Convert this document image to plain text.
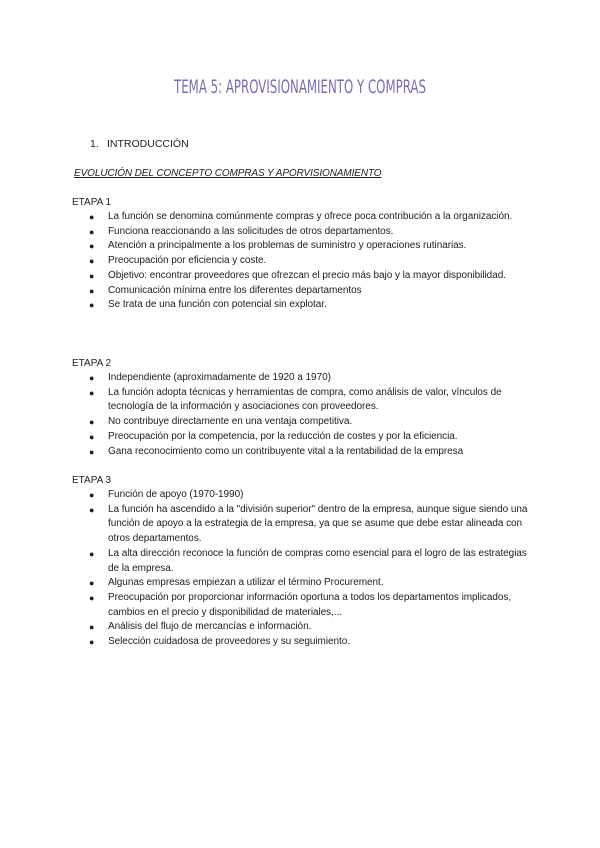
TEMA 5: APROVISIONAMIENTO Y COMPRAS
1. INTRODUCCIÓN
EVOLUCIÓN DEL CONCEPTO COMPRAS Y APORVISIONAMIENTO
ETAPA 1
● La función se denomina comúnmente compras y ofrece poca contribución a la organización.
● Funciona reaccionando a las solicitudes de otros departamentos.
● Atención a principalmente a los problemas de suministro y operaciones rutinarias.
● Preocupación por eficiencia y coste.
● Objetivo: encontrar proveedores que ofrezcan el precio más bajo y la mayor disponibilidad.
● Comunicación mínima entre los diferentes departamentos
● Se trata de una función con potencial sin explotar.
ETAPA 2
● Independiente (aproximadamente de 1920 a 1970)
● La función adopta técnicas y herramientas de compra, como análisis de valor, vínculos de tecnología de la información y asociaciones con proveedores.
● No contribuye directamente en una ventaja competitiva.
● Preocupación por la competencia, por la reducción de costes y por la eficiencia.
● Gana reconocimiento como un contribuyente vital a la rentabilidad de la empresa
ETAPA 3
● Función de apoyo (1970-1990)
● La función ha ascendido a la "división superior" dentro de la empresa, aunque sigue siendo una función de apoyo a la estrategia de la empresa, ya que se asume que debe estar alineada con otros departamentos.
● La alta dirección reconoce la función de compras como esencial para el logro de las estrategias de la empresa.
● Algunas empresas empiezan a utilizar el término Procurement.
● Preocupación por proporcionar información oportuna a todos los departamentos implicados, cambios en el precio y disponibilidad de materiales,...
● Análisis del flujo de mercancías e información.
● Selección cuidadosa de proveedores y su seguimiento.
